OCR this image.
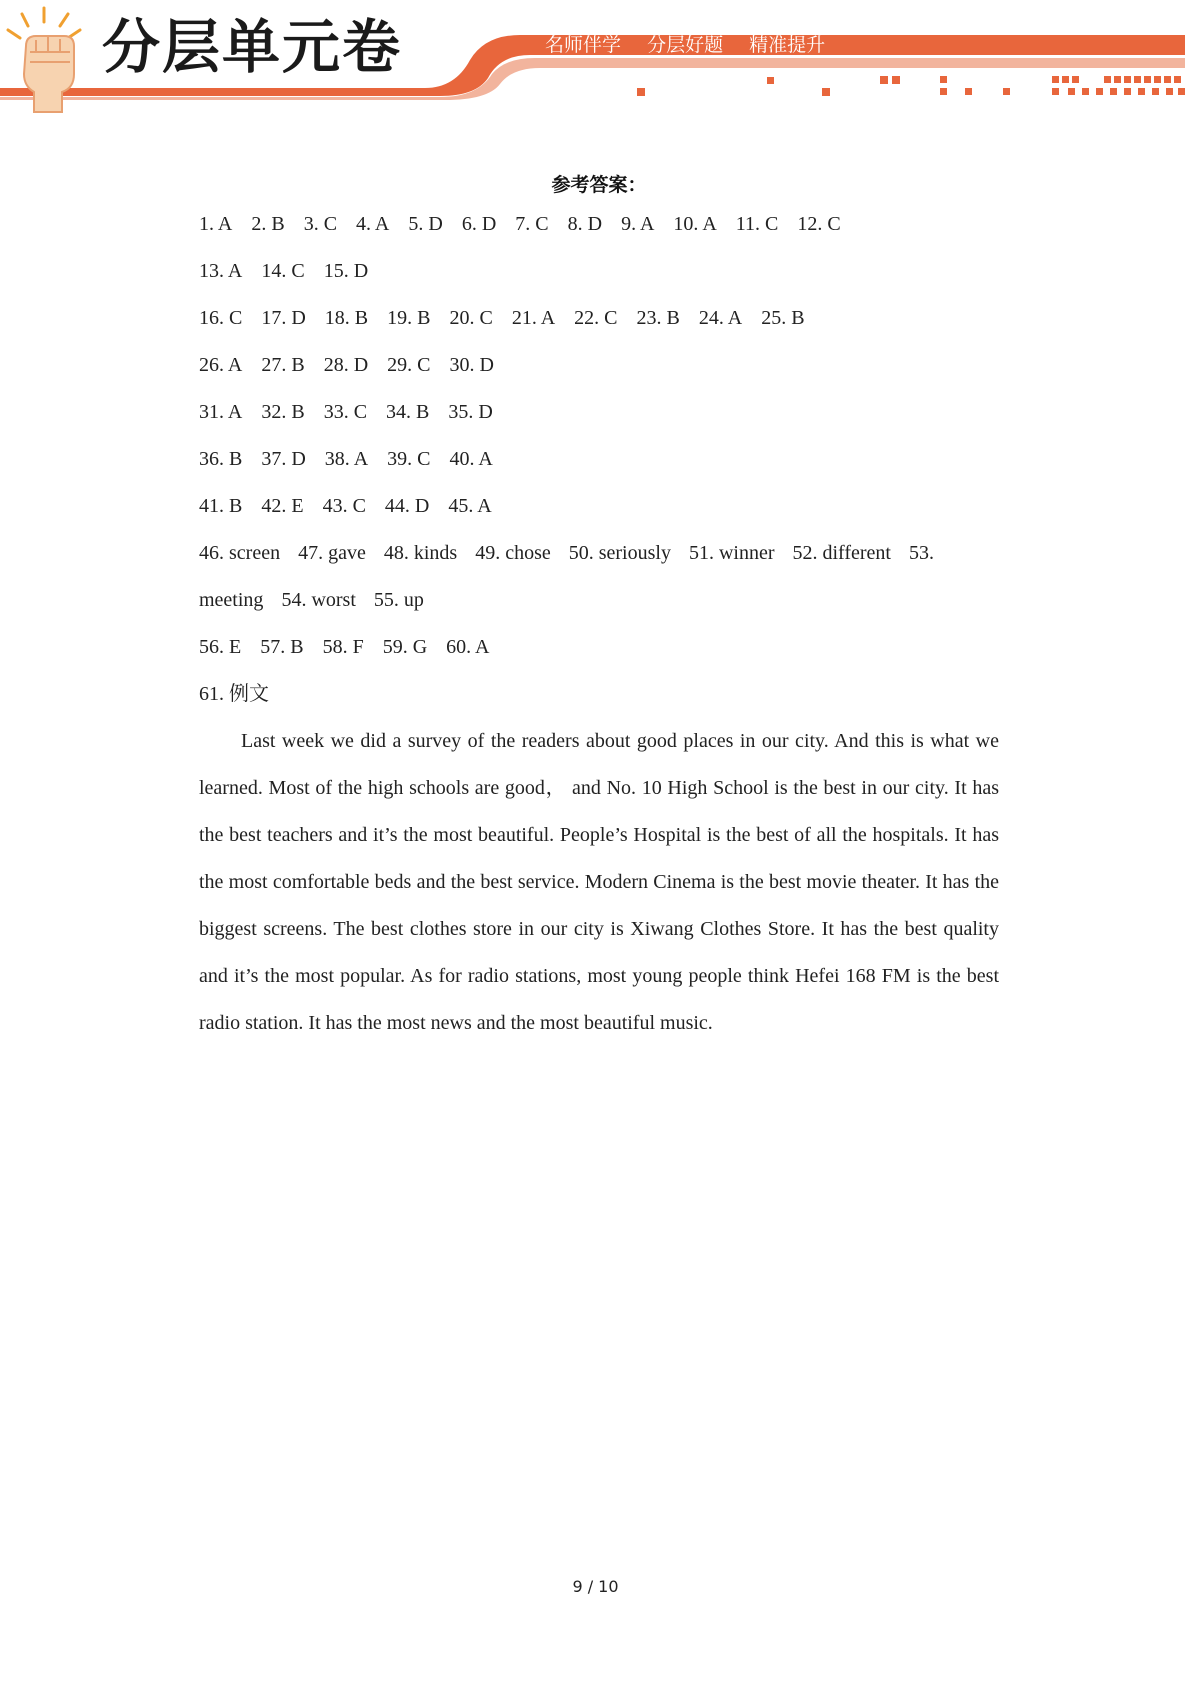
分层单元卷	名师伴学 分层好题 精准提升
参考答案：
1. A 2. B 3. C 4. A 5. D 6. D 7. C 8. D 9. A 10. A 11. C 12. C
13. A 14. C 15. D
16. C 17. D 18. B 19. B 20. C 21. A 22. C 23. B 24. A 25. B
26. A 27. B 28. D 29. C 30. D
31. A 32. B 33. C 34. B 35. D
36. B 37. D 38. A 39. C 40. A
41. B 42. E 43. C 44. D 45. A
46. screen 47. gave 48. kinds 49. chose 50. seriously 51. winner 52. different 53.
meeting 54. worst 55. up
56. E 57. B 58. F 59. G 60. A
61. 例文

Last week we did a survey of the readers about good places in our city. And this is what we learned. Most of the high schools are good， and No. 10 High School is the best in our city. It has the best teachers and it’s the most beautiful. People’s Hospital is the best of all the hospitals. It has the most comfortable beds and the best service. Modern Cinema is the best movie theater. It has the biggest screens. The best clothes store in our city is Xiwang Clothes Store. It has the best quality and it’s the most popular. As for radio stations, most young people think Hefei 168 FM is the best radio station. It has the most news and the most beautiful music.

9 / 10
